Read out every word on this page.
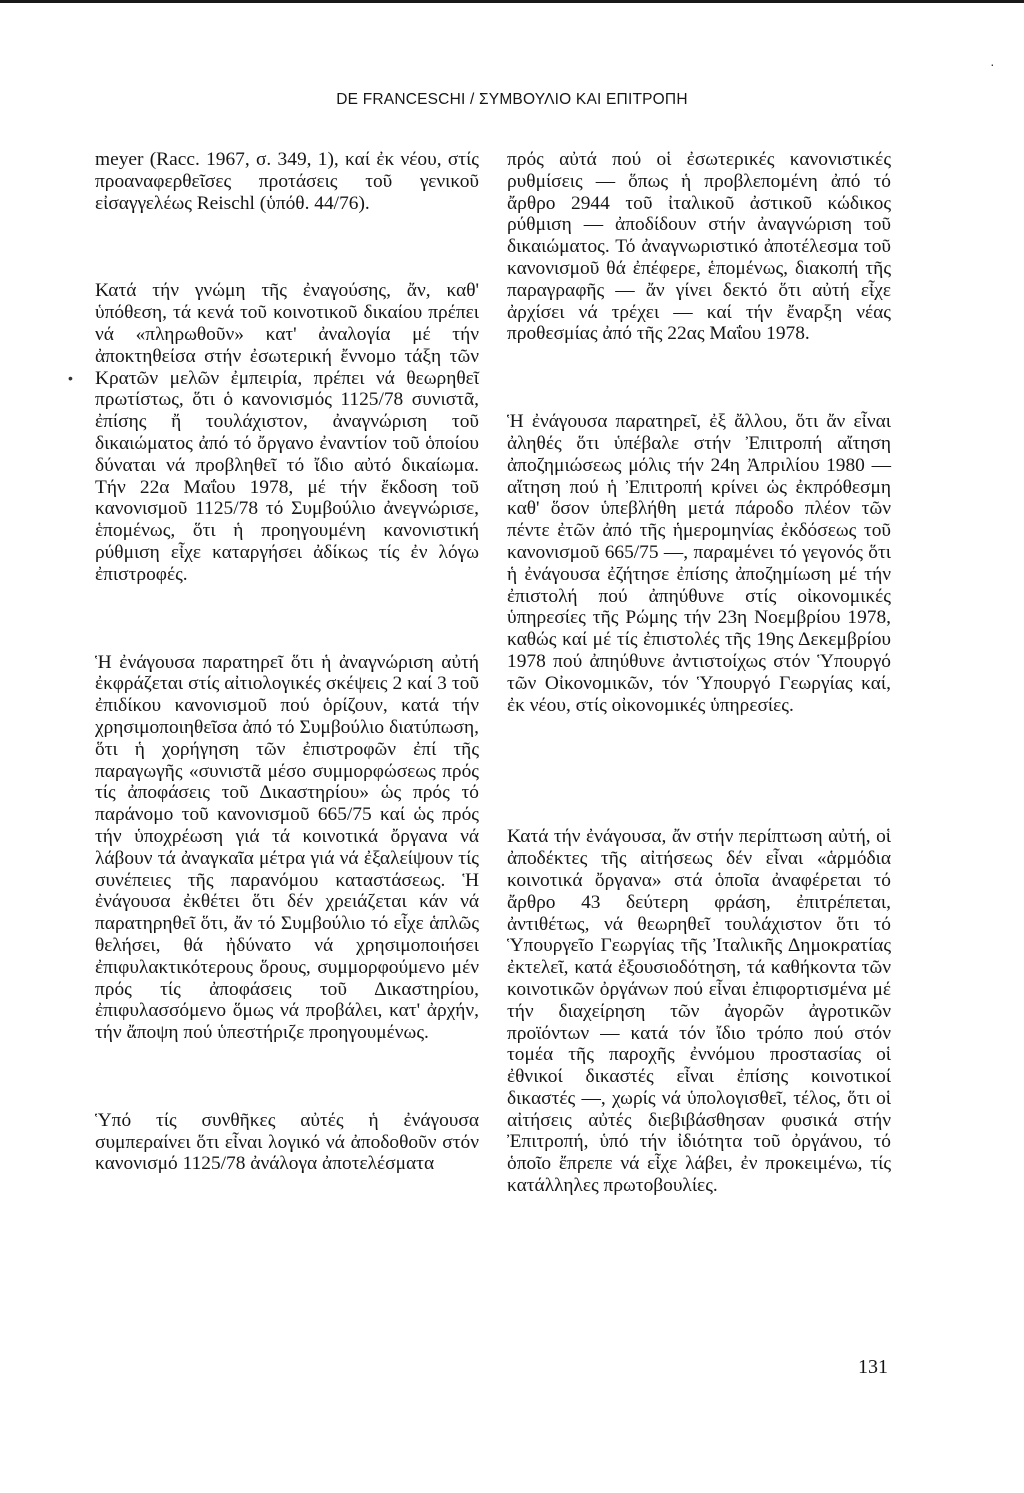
·
•
DE FRANCESCHI / ΣΥΜΒΟΥΛΙΟ ΚΑΙ ΕΠΙΤΡΟΠΗ

meyer (Racc. 1967, σ. 349, 1), καί ἐκ νέου, στίς προαναφερθεῖσες προτάσεις τοῦ γενικοῦ εἰσαγγελέως Reischl (ὑπόθ. 44/76).

Κατά τήν γνώμη τῆς ἐναγούσης, ἄν, καθ' ὑπόθεση, τά κενά τοῦ κοινοτικοῦ δικαίου πρέπει νά «πληρωθοῦν» κατ' ἀναλογία μέ τήν ἀποκτηθείσα στήν ἐσωτερική ἔννομο τάξη τῶν Κρατῶν μελῶν ἐμπειρία, πρέπει νά θεωρηθεῖ πρωτίστως, ὅτι ὁ κανονισμός 1125/78 συνιστᾶ, ἐπίσης ἤ τουλάχιστον, ἀναγνώριση τοῦ δικαιώματος ἀπό τό ὄργανο ἐναντίον τοῦ ὁποίου δύναται νά προβληθεῖ τό ἴδιο αὐτό δικαίωμα. Τήν 22α Μαΐου 1978, μέ τήν ἔκδοση τοῦ κανονισμοῦ 1125/78 τό Συμβούλιο ἀνεγνώρισε, ἑπομένως, ὅτι ἡ προηγουμένη κανονιστική ρύθμιση εἶχε καταργήσει ἀδίκως τίς ἐν λόγω ἐπιστροφές.

Ἡ ἐνάγουσα παρατηρεῖ ὅτι ἡ ἀναγνώριση αὐτή ἐκφράζεται στίς αἰτιολογικές σκέψεις 2 καί 3 τοῦ ἐπιδίκου κανονισμοῦ πού ὁρίζουν, κατά τήν χρησιμοποιηθεῖσα ἀπό τό Συμβούλιο διατύπωση, ὅτι ἡ χορήγηση τῶν ἐπιστροφῶν ἐπί τῆς παραγωγῆς «συνιστᾶ μέσο συμμορφώσεως πρός τίς ἀποφάσεις τοῦ Δικαστηρίου» ὡς πρός τό παράνομο τοῦ κανονισμοῦ 665/75 καί ὡς πρός τήν ὑποχρέωση γιά τά κοινοτικά ὄργανα νά λάβουν τά ἀναγκαῖα μέτρα γιά νά ἐξαλείψουν τίς συνέπειες τῆς παρανόμου καταστάσεως. Ἡ ἐνάγουσα ἐκθέτει ὅτι δέν χρειάζεται κάν νά παρατηρηθεῖ ὅτι, ἄν τό Συμβούλιο τό εἶχε ἁπλῶς θελήσει, θά ἠδύνατο νά χρησιμοποιήσει ἐπιφυλακτικότερους ὅρους, συμμορφούμενο μέν πρός τίς ἀποφάσεις τοῦ Δικαστηρίου, ἐπιφυλασσόμενο ὅμως νά προβάλει, κατ' ἀρχήν, τήν ἄποψη πού ὑπεστήριζε προηγουμένως.

Ὑπό τίς συνθῆκες αὐτές ἡ ἐνάγουσα συμπεραίνει ὅτι εἶναι λογικό νά ἀποδοθοῦν στόν κανονισμό 1125/78 ἀνάλογα ἀποτελέσματα

πρός αὐτά πού οἱ ἐσωτερικές κανονιστικές ρυθμίσεις — ὅπως ἡ προβλεπομένη ἀπό τό ἄρθρο 2944 τοῦ ἰταλικοῦ ἀστικοῦ κώδικος ρύθμιση — ἀποδίδουν στήν ἀναγνώριση τοῦ δικαιώματος. Τό ἀναγνωριστικό ἀποτέλεσμα τοῦ κανονισμοῦ θά ἐπέφερε, ἑπομένως, διακοπή τῆς παραγραφῆς — ἄν γίνει δεκτό ὅτι αὐτή εἶχε ἀρχίσει νά τρέχει — καί τήν ἔναρξη νέας προθεσμίας ἀπό τῆς 22ας Μαΐου 1978.

Ἡ ἐνάγουσα παρατηρεῖ, ἐξ ἄλλου, ὅτι ἄν εἶναι ἀληθές ὅτι ὑπέβαλε στήν Ἐπιτροπή αἴτηση ἀποζημιώσεως μόλις τήν 24η Ἀπριλίου 1980 — αἴτηση πού ἡ Ἐπιτροπή κρίνει ὡς ἐκπρόθεσμη καθ' ὅσον ὑπεβλήθη μετά πάροδο πλέον τῶν πέντε ἐτῶν ἀπό τῆς ἡμερομηνίας ἐκδόσεως τοῦ κανονισμοῦ 665/75 —, παραμένει τό γεγονός ὅτι ἡ ἐνάγουσα ἐζήτησε ἐπίσης ἀποζημίωση μέ τήν ἐπιστολή πού ἀπηύθυνε στίς οἰκονομικές ὑπηρεσίες τῆς Ρώμης τήν 23η Νοεμβρίου 1978, καθώς καί μέ τίς ἐπιστολές τῆς 19ης Δεκεμβρίου 1978 πού ἀπηύθυνε ἀντιστοίχως στόν Ὑπουργό τῶν Οἰκονομικῶν, τόν Ὑπουργό Γεωργίας καί, ἐκ νέου, στίς οἰκονομικές ὑπηρεσίες.

Κατά τήν ἐνάγουσα, ἄν στήν περίπτωση αὐτή, οἱ ἀποδέκτες τῆς αἰτήσεως δέν εἶναι «ἁρμόδια κοινοτικά ὄργανα» στά ὁποῖα ἀναφέρεται τό ἄρθρο 43 δεύτερη φράση, ἐπιτρέπεται, ἀντιθέτως, νά θεωρηθεῖ τουλάχιστον ὅτι τό Ὑπουργεῖο Γεωργίας τῆς Ἰταλικῆς Δημοκρατίας ἐκτελεῖ, κατά ἐξουσιοδότηση, τά καθήκοντα τῶν κοινοτικῶν ὀργάνων πού εἶναι ἐπιφορτισμένα μέ τήν διαχείρηση τῶν ἀγορῶν ἀγροτικῶν προϊόντων — κατά τόν ἴδιο τρόπο πού στόν τομέα τῆς παροχῆς ἐννόμου προστασίας οἱ ἐθνικοί δικαστές εἶναι ἐπίσης κοινοτικοί δικαστές —, χωρίς νά ὑπολογισθεῖ, τέλος, ὅτι οἱ αἰτήσεις αὐτές διεβιβάσθησαν φυσικά στήν Ἐπιτροπή, ὑπό τήν ἰδιότητα τοῦ ὀργάνου, τό ὁποῖο ἔπρεπε νά εἶχε λάβει, ἐν προκειμένω, τίς κατάλληλες πρωτοβουλίες.

131
